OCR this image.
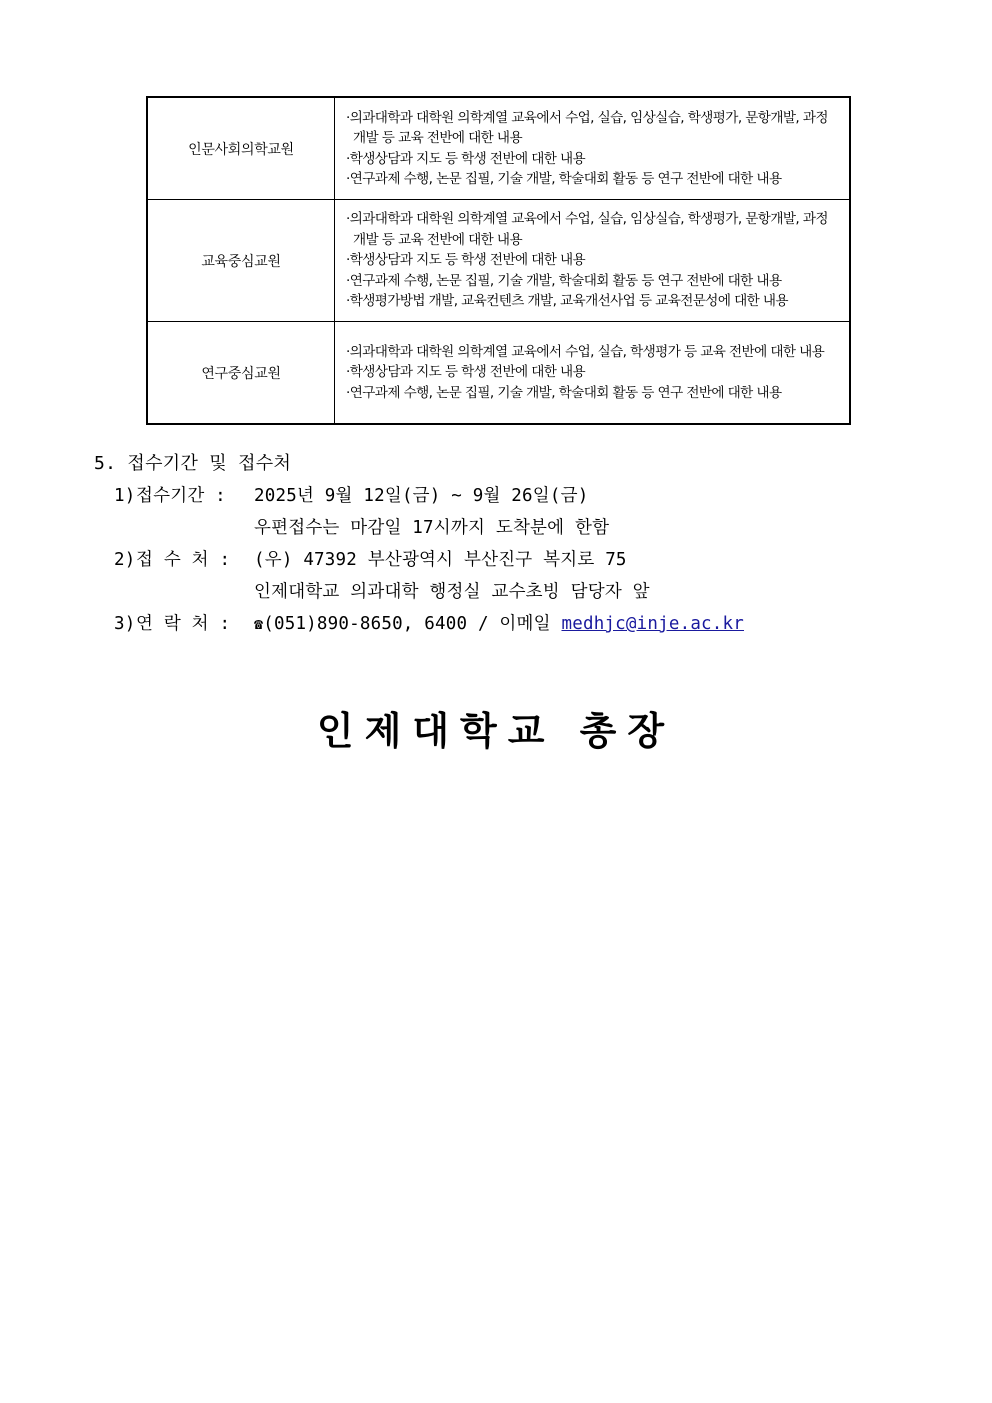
인문사회의학교원	·의과대학과 대학원 의학계열 교육에서 수업, 실습, 임상실습, 학생평가, 문항개발, 과정개발 등 교육 전반에 대한 내용
·학생상담과 지도 등 학생 전반에 대한 내용
·연구과제 수행, 논문 집필, 기술 개발, 학술대회 활동 등 연구 전반에 대한 내용

교육중심교원	·의과대학과 대학원 의학계열 교육에서 수업, 실습, 임상실습, 학생평가, 문항개발, 과정개발 등 교육 전반에 대한 내용
·학생상담과 지도 등 학생 전반에 대한 내용
·연구과제 수행, 논문 집필, 기술 개발, 학술대회 활동 등 연구 전반에 대한 내용
·학생평가방법 개발, 교육컨텐츠 개발, 교육개선사업 등 교육전문성에 대한 내용

연구중심교원	·의과대학과 대학원 의학계열 교육에서 수업, 실습, 학생평가 등 교육 전반에 대한 내용
·학생상담과 지도 등 학생 전반에 대한 내용
·연구과제 수행, 논문 집필, 기술 개발, 학술대회 활동 등 연구 전반에 대한 내용
5. 접수기간 및 접수처
1) 접수기간 :	2025년 9월 12일(금) ~ 9월 26일(금)
우편접수는 마감일 17시까지 도착분에 한함
2) 접 수 처 :	(우) 47392 부산광역시 부산진구 복지로 75
인제대학교 의과대학 행정실 교수초빙 담당자 앞
3) 연 락 처 :	☎(051)890-8650, 6400 / 이메일 medhjc@inje.ac.kr
인제대학교 총장
